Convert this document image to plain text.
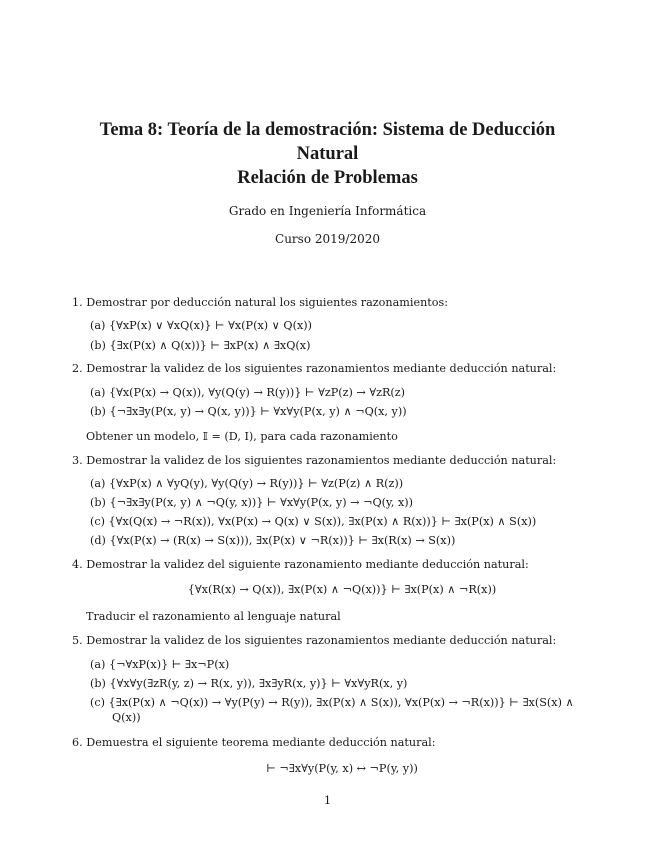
Tema 8: Teoría de la demostración: Sistema de Deducción
Natural
Relación de Problemas
Grado en Ingeniería Informática
Curso 2019/2020
1. Demostrar por deducción natural los siguientes razonamientos:
(a) {∀xP(x) ∨ ∀xQ(x)} ⊢ ∀x(P(x) ∨ Q(x))
(b) {∃x(P(x) ∧ Q(x))} ⊢ ∃xP(x) ∧ ∃xQ(x)
2. Demostrar la validez de los siguientes razonamientos mediante deducción natural:
(a) {∀x(P(x) → Q(x)), ∀y(Q(y) → R(y))} ⊢ ∀zP(z) → ∀zR(z)
(b) {¬∃x∃y(P(x, y) → Q(x, y))} ⊢ ∀x∀y(P(x, y) ∧ ¬Q(x, y))
Obtener un modelo, 𝕀 = (D, I), para cada razonamiento
3. Demostrar la validez de los siguientes razonamientos mediante deducción natural:
(a) {∀xP(x) ∧ ∀yQ(y), ∀y(Q(y) → R(y))} ⊢ ∀z(P(z) ∧ R(z))
(b) {¬∃x∃y(P(x, y) ∧ ¬Q(y, x))} ⊢ ∀x∀y(P(x, y) → ¬Q(y, x))
(c) {∀x(Q(x) → ¬R(x)), ∀x(P(x) → Q(x) ∨ S(x)), ∃x(P(x) ∧ R(x))} ⊢ ∃x(P(x) ∧ S(x))
(d) {∀x(P(x) → (R(x) → S(x))), ∃x(P(x) ∨ ¬R(x))} ⊢ ∃x(R(x) → S(x))
4. Demostrar la validez del siguiente razonamiento mediante deducción natural:
{∀x(R(x) → Q(x)), ∃x(P(x) ∧ ¬Q(x))} ⊢ ∃x(P(x) ∧ ¬R(x))
Traducir el razonamiento al lenguaje natural
5. Demostrar la validez de los siguientes razonamientos mediante deducción natural:
(a) {¬∀xP(x)} ⊢ ∃x¬P(x)
(b) {∀x∀y(∃zR(y, z) → R(x, y)), ∃x∃yR(x, y)} ⊢ ∀x∀yR(x, y)
(c) {∃x(P(x) ∧ ¬Q(x)) → ∀y(P(y) → R(y)), ∃x(P(x) ∧ S(x)), ∀x(P(x) → ¬R(x))} ⊢ ∃x(S(x) ∧
Q(x))
6. Demuestra el siguiente teorema mediante deducción natural:
⊢ ¬∃x∀y(P(y, x) ↔ ¬P(y, y))
1
